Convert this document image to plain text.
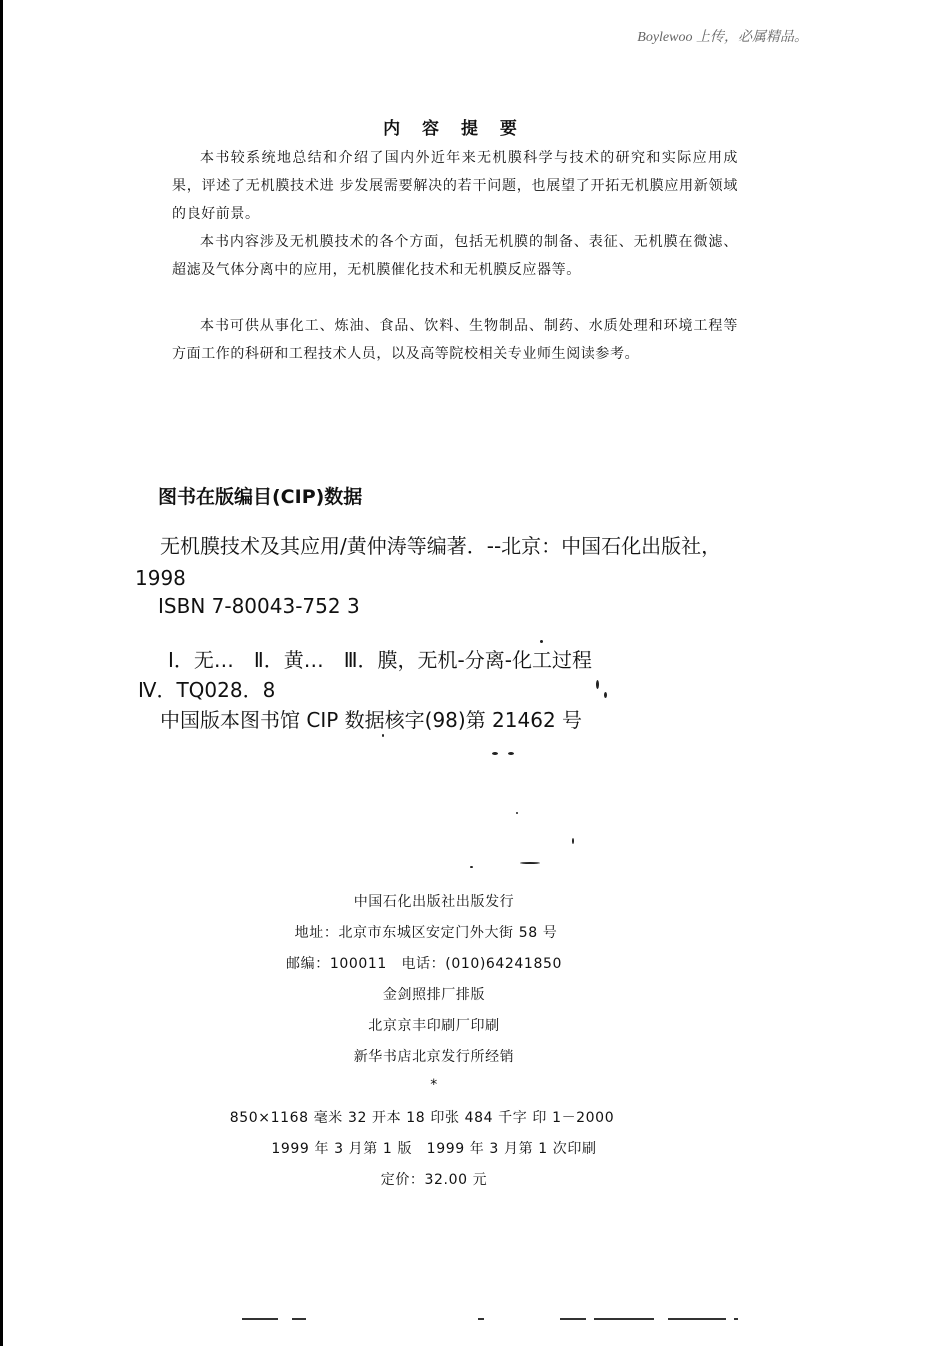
Boylewoo 上传，必属精品。
内 容 提 要

本书较系统地总结和介绍了国内外近年来无机膜科学与技术的研究和实际应用成果，评述了无机膜技术进 步发展需要解决的若干问题，也展望了开拓无机膜应用新领域的良好前景。

本书内容涉及无机膜技术的各个方面，包括无机膜的制备、表征、无机膜在微滤、超滤及气体分离中的应用，无机膜催化技术和无机膜反应器等。

本书可供从事化工、炼油、食品、饮料、生物制品、制药、水质处理和环境工程等方面工作的科研和工程技术人员，以及高等院校相关专业师生阅读参考。

图书在版编目(CIP)数据
无机膜技术及其应用/黄仲涛等编著．--北京：中国石化出版社，1998
ISBN 7-80043-752 3
Ⅰ．无…　Ⅱ．黄…　Ⅲ．膜，无机-分离-化工过程
Ⅳ．TQ028．8
中国版本图书馆 CIP 数据核字(98)第 21462 号
中国石化出版社出版发行
地址：北京市东城区安定门外大街 58 号
邮编：100011　电话：(010)64241850
金剑照排厂排版
北京京丰印刷厂印刷
新华书店北京发行所经销
*
850×1168 毫米 32 开本 18 印张 484 千字 印 1－2000
1999 年 3 月第 1 版　1999 年 3 月第 1 次印刷
定价：32.00 元
